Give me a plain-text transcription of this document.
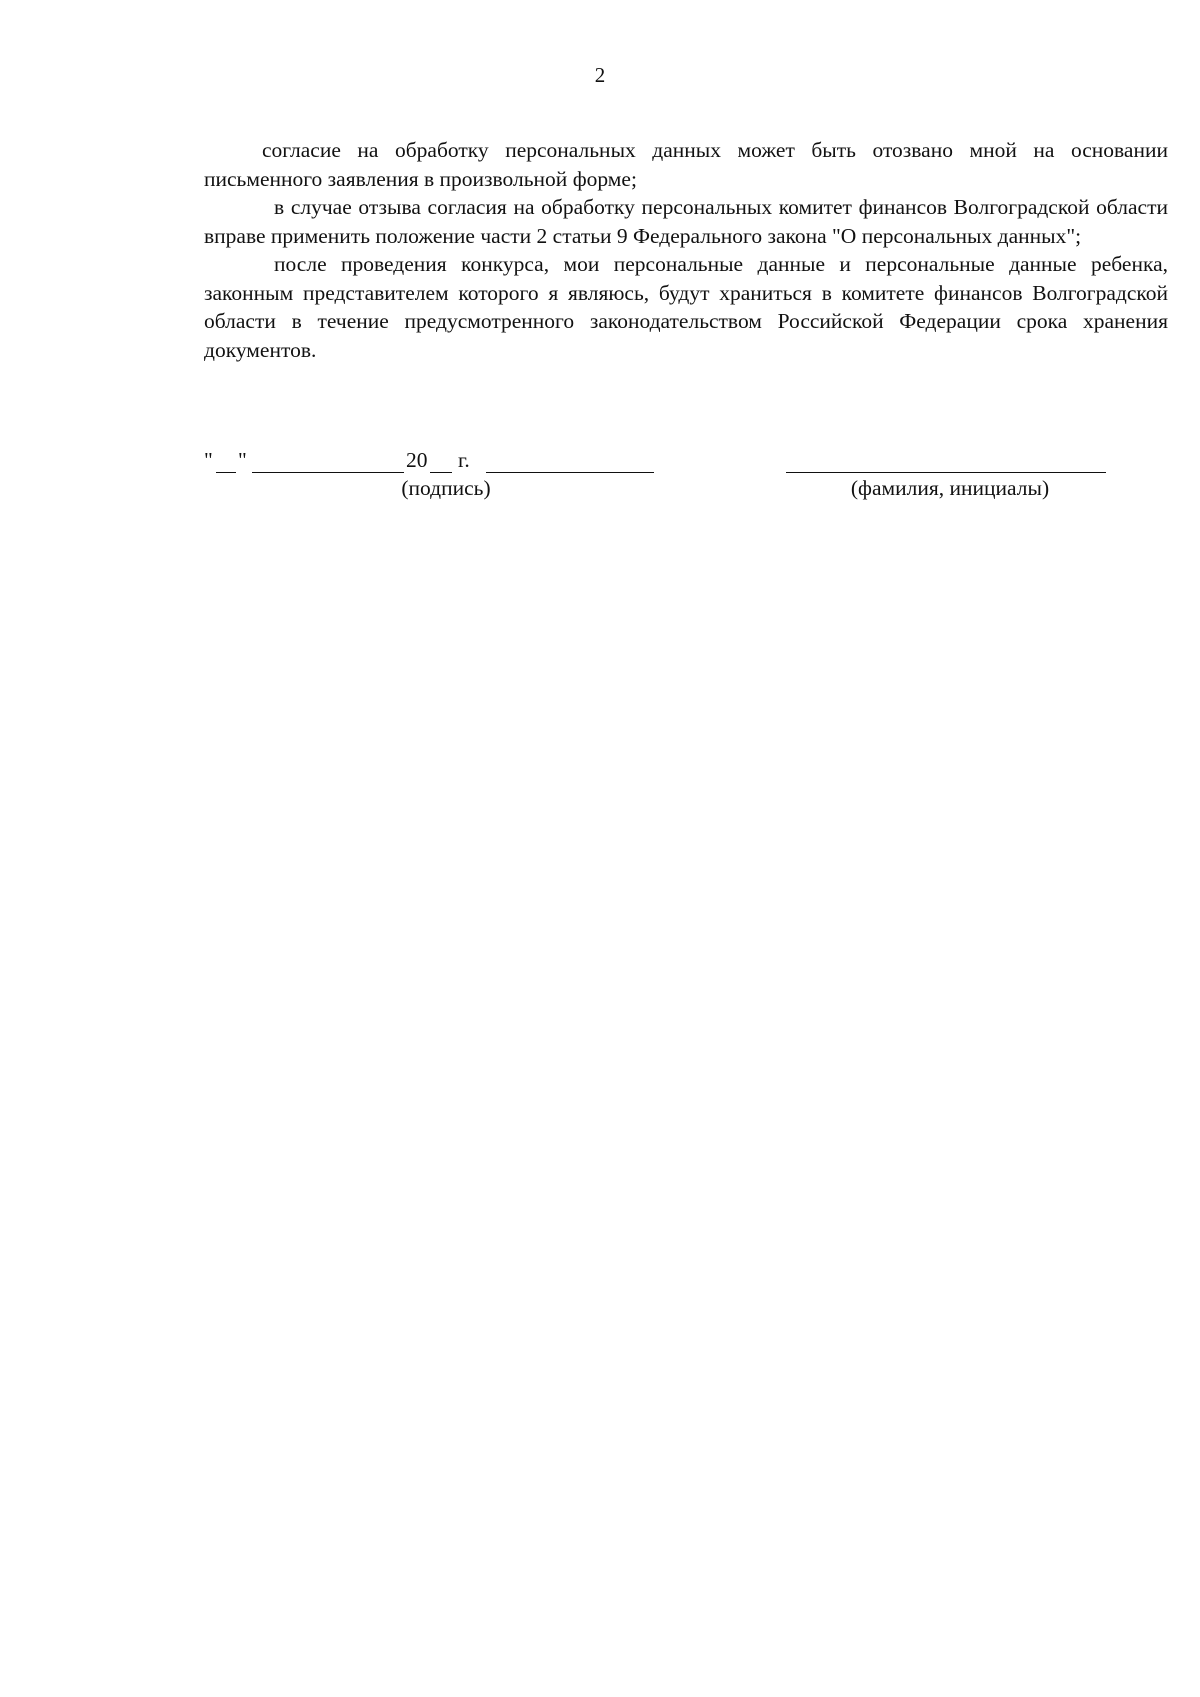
2

согласие на обработку персональных данных может быть отозвано мной на основании письменного заявления в произвольной форме;

в случае отзыва согласия на обработку персональных комитет финансов Волгоградской области вправе применить положение части 2 статьи 9 Федерального закона "О персональных данных";

после проведения конкурса, мои персональные данные и персональные данные ребенка, законным представителем которого я являюсь, будут храниться в комитете финансов Волгоградской области в течение предусмотренного законодательством Российской Федерации срока хранения документов.

" "	20 г.
(подпись)	(фамилия, инициалы)
